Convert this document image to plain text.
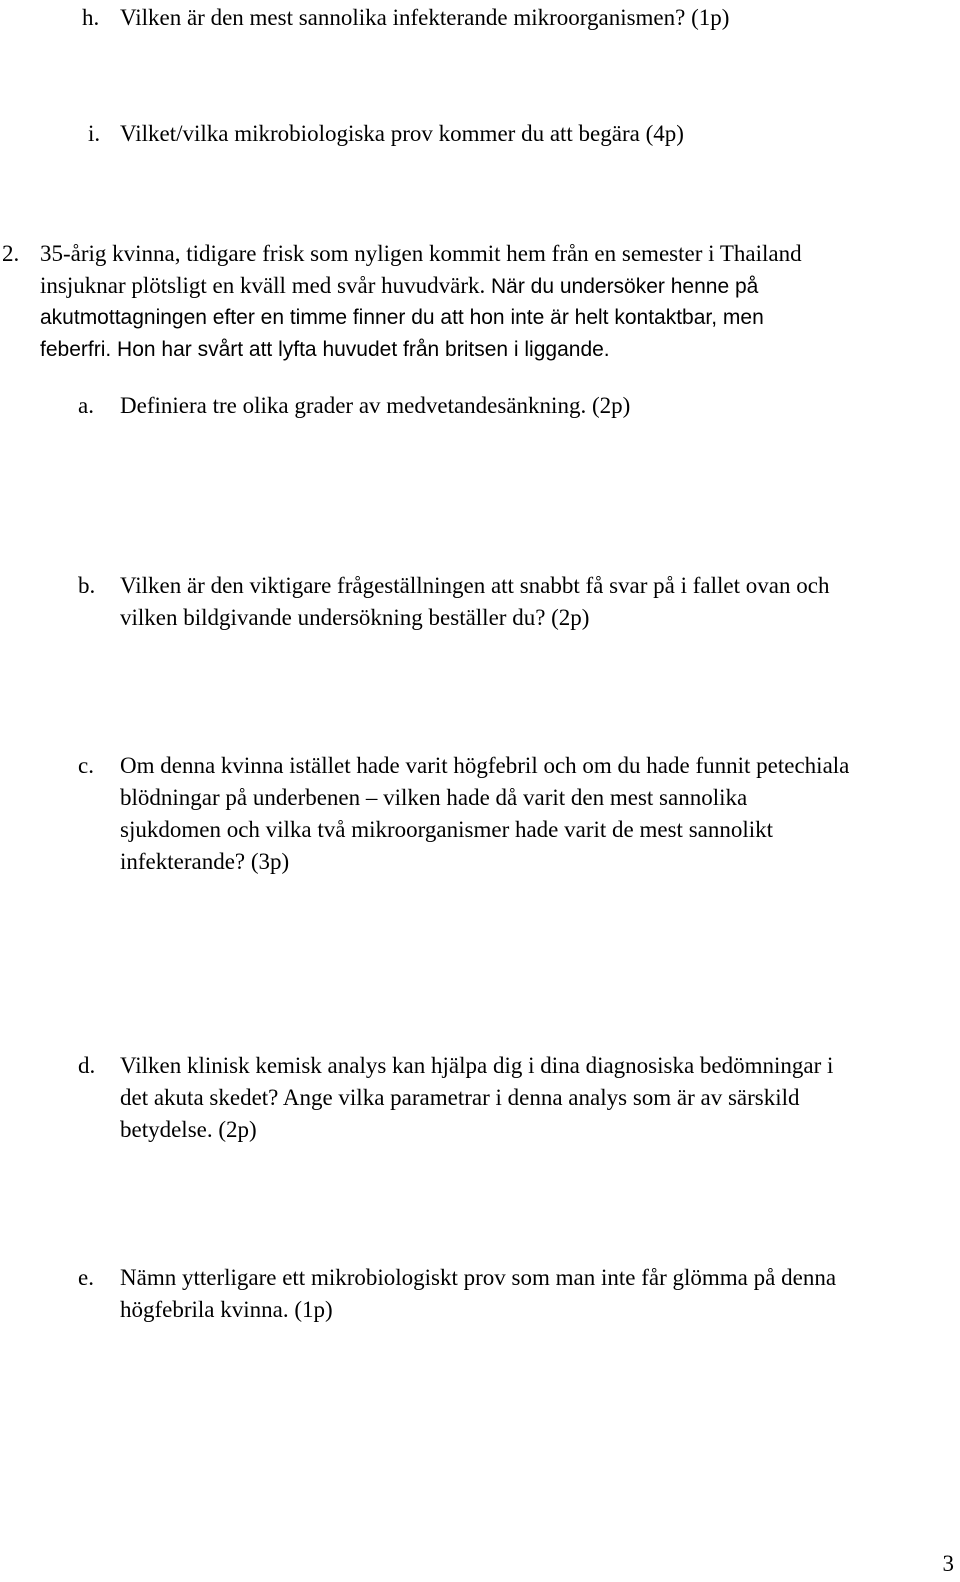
h. Vilken är den mest sannolika infekterande mikroorganismen? (1p)
i. Vilket/vilka mikrobiologiska prov kommer du att begära (4p)
2. 35-årig kvinna, tidigare frisk som nyligen kommit hem från en semester i Thailand
insjuknar plötsligt en kväll med svår huvudvärk. När du undersöker henne på
akutmottagningen efter en timme finner du att hon inte är helt kontaktbar, men
feberfri. Hon har svårt att lyfta huvudet från britsen i liggande.
a. Definiera tre olika grader av medvetandesänkning. (2p)
b. Vilken är den viktigare frågeställningen att snabbt få svar på i fallet ovan och
vilken bildgivande undersökning beställer du? (2p)
c. Om denna kvinna istället hade varit högfebril och om du hade funnit petechiala
blödningar på underbenen – vilken hade då varit den mest sannolika
sjukdomen och vilka två mikroorganismer hade varit de mest sannolikt
infekterande? (3p)
d. Vilken klinisk kemisk analys kan hjälpa dig i dina diagnosiska bedömningar i
det akuta skedet? Ange vilka parametrar i denna analys som är av särskild
betydelse. (2p)
e. Nämn ytterligare ett mikrobiologiskt prov som man inte får glömma på denna
högfebrila kvinna. (1p)
3
